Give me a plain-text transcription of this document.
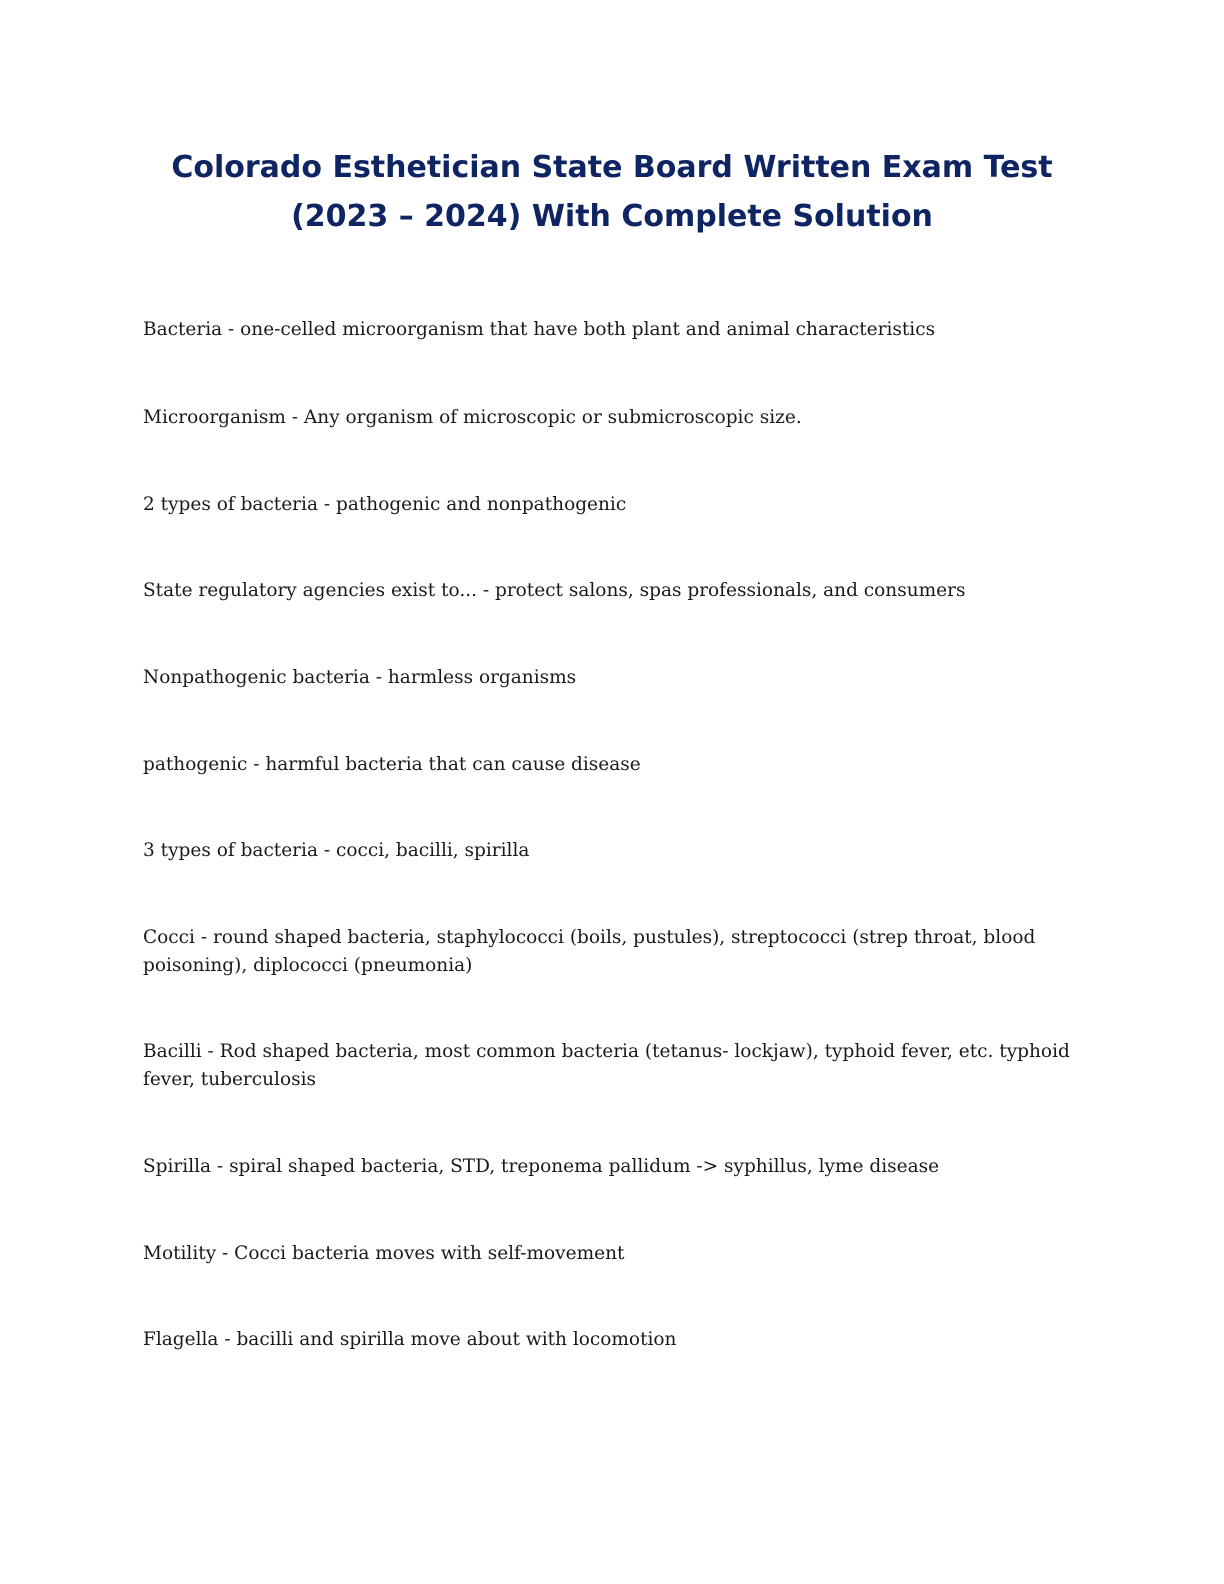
Colorado Esthetician State Board Written Exam Test
(2023 – 2024) With Complete Solution

Bacteria - one-celled microorganism that have both plant and animal characteristics

Microorganism - Any organism of microscopic or submicroscopic size.

2 types of bacteria - pathogenic and nonpathogenic

State regulatory agencies exist to... - protect salons, spas professionals, and consumers

Nonpathogenic bacteria - harmless organisms

pathogenic - harmful bacteria that can cause disease

3 types of bacteria - cocci, bacilli, spirilla

Cocci - round shaped bacteria, staphylococci (boils, pustules), streptococci (strep throat, blood poisoning), diplococci (pneumonia)

Bacilli - Rod shaped bacteria, most common bacteria (tetanus- lockjaw), typhoid fever, etc. typhoid fever, tuberculosis

Spirilla - spiral shaped bacteria, STD, treponema pallidum -> syphillus, lyme disease

Motility - Cocci bacteria moves with self-movement

Flagella - bacilli and spirilla move about with locomotion
